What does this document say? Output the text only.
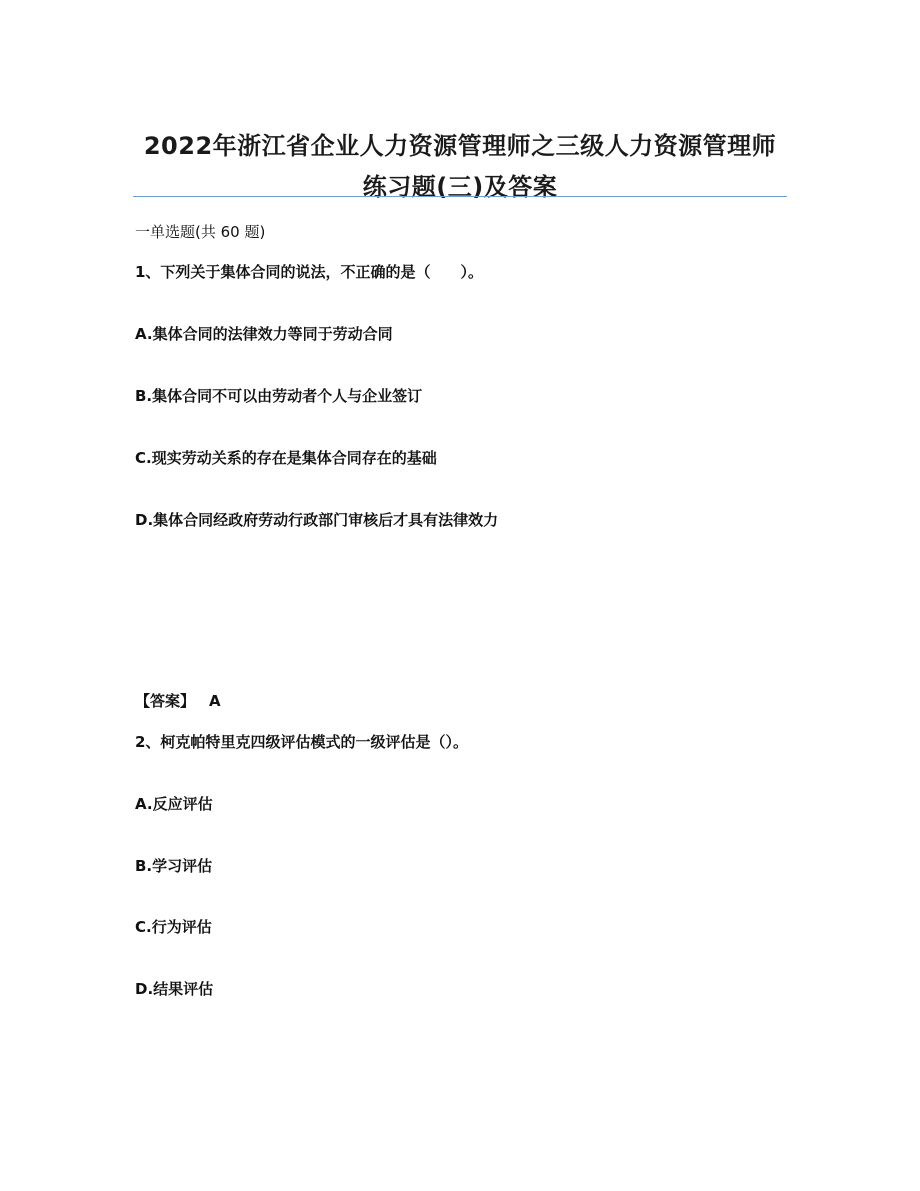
2022年浙江省企业人力资源管理师之三级人力资源管理师
练习题(三)及答案
一单选题(共 60 题)
1、下列关于集体合同的说法，不正确的是（　　）。
A.集体合同的法律效力等同于劳动合同
B.集体合同不可以由劳动者个人与企业签订
C.现实劳动关系的存在是集体合同存在的基础
D.集体合同经政府劳动行政部门审核后才具有法律效力
【答案】 A
2、柯克帕特里克四级评估模式的一级评估是（）。
A.反应评估
B.学习评估
C.行为评估
D.结果评估
